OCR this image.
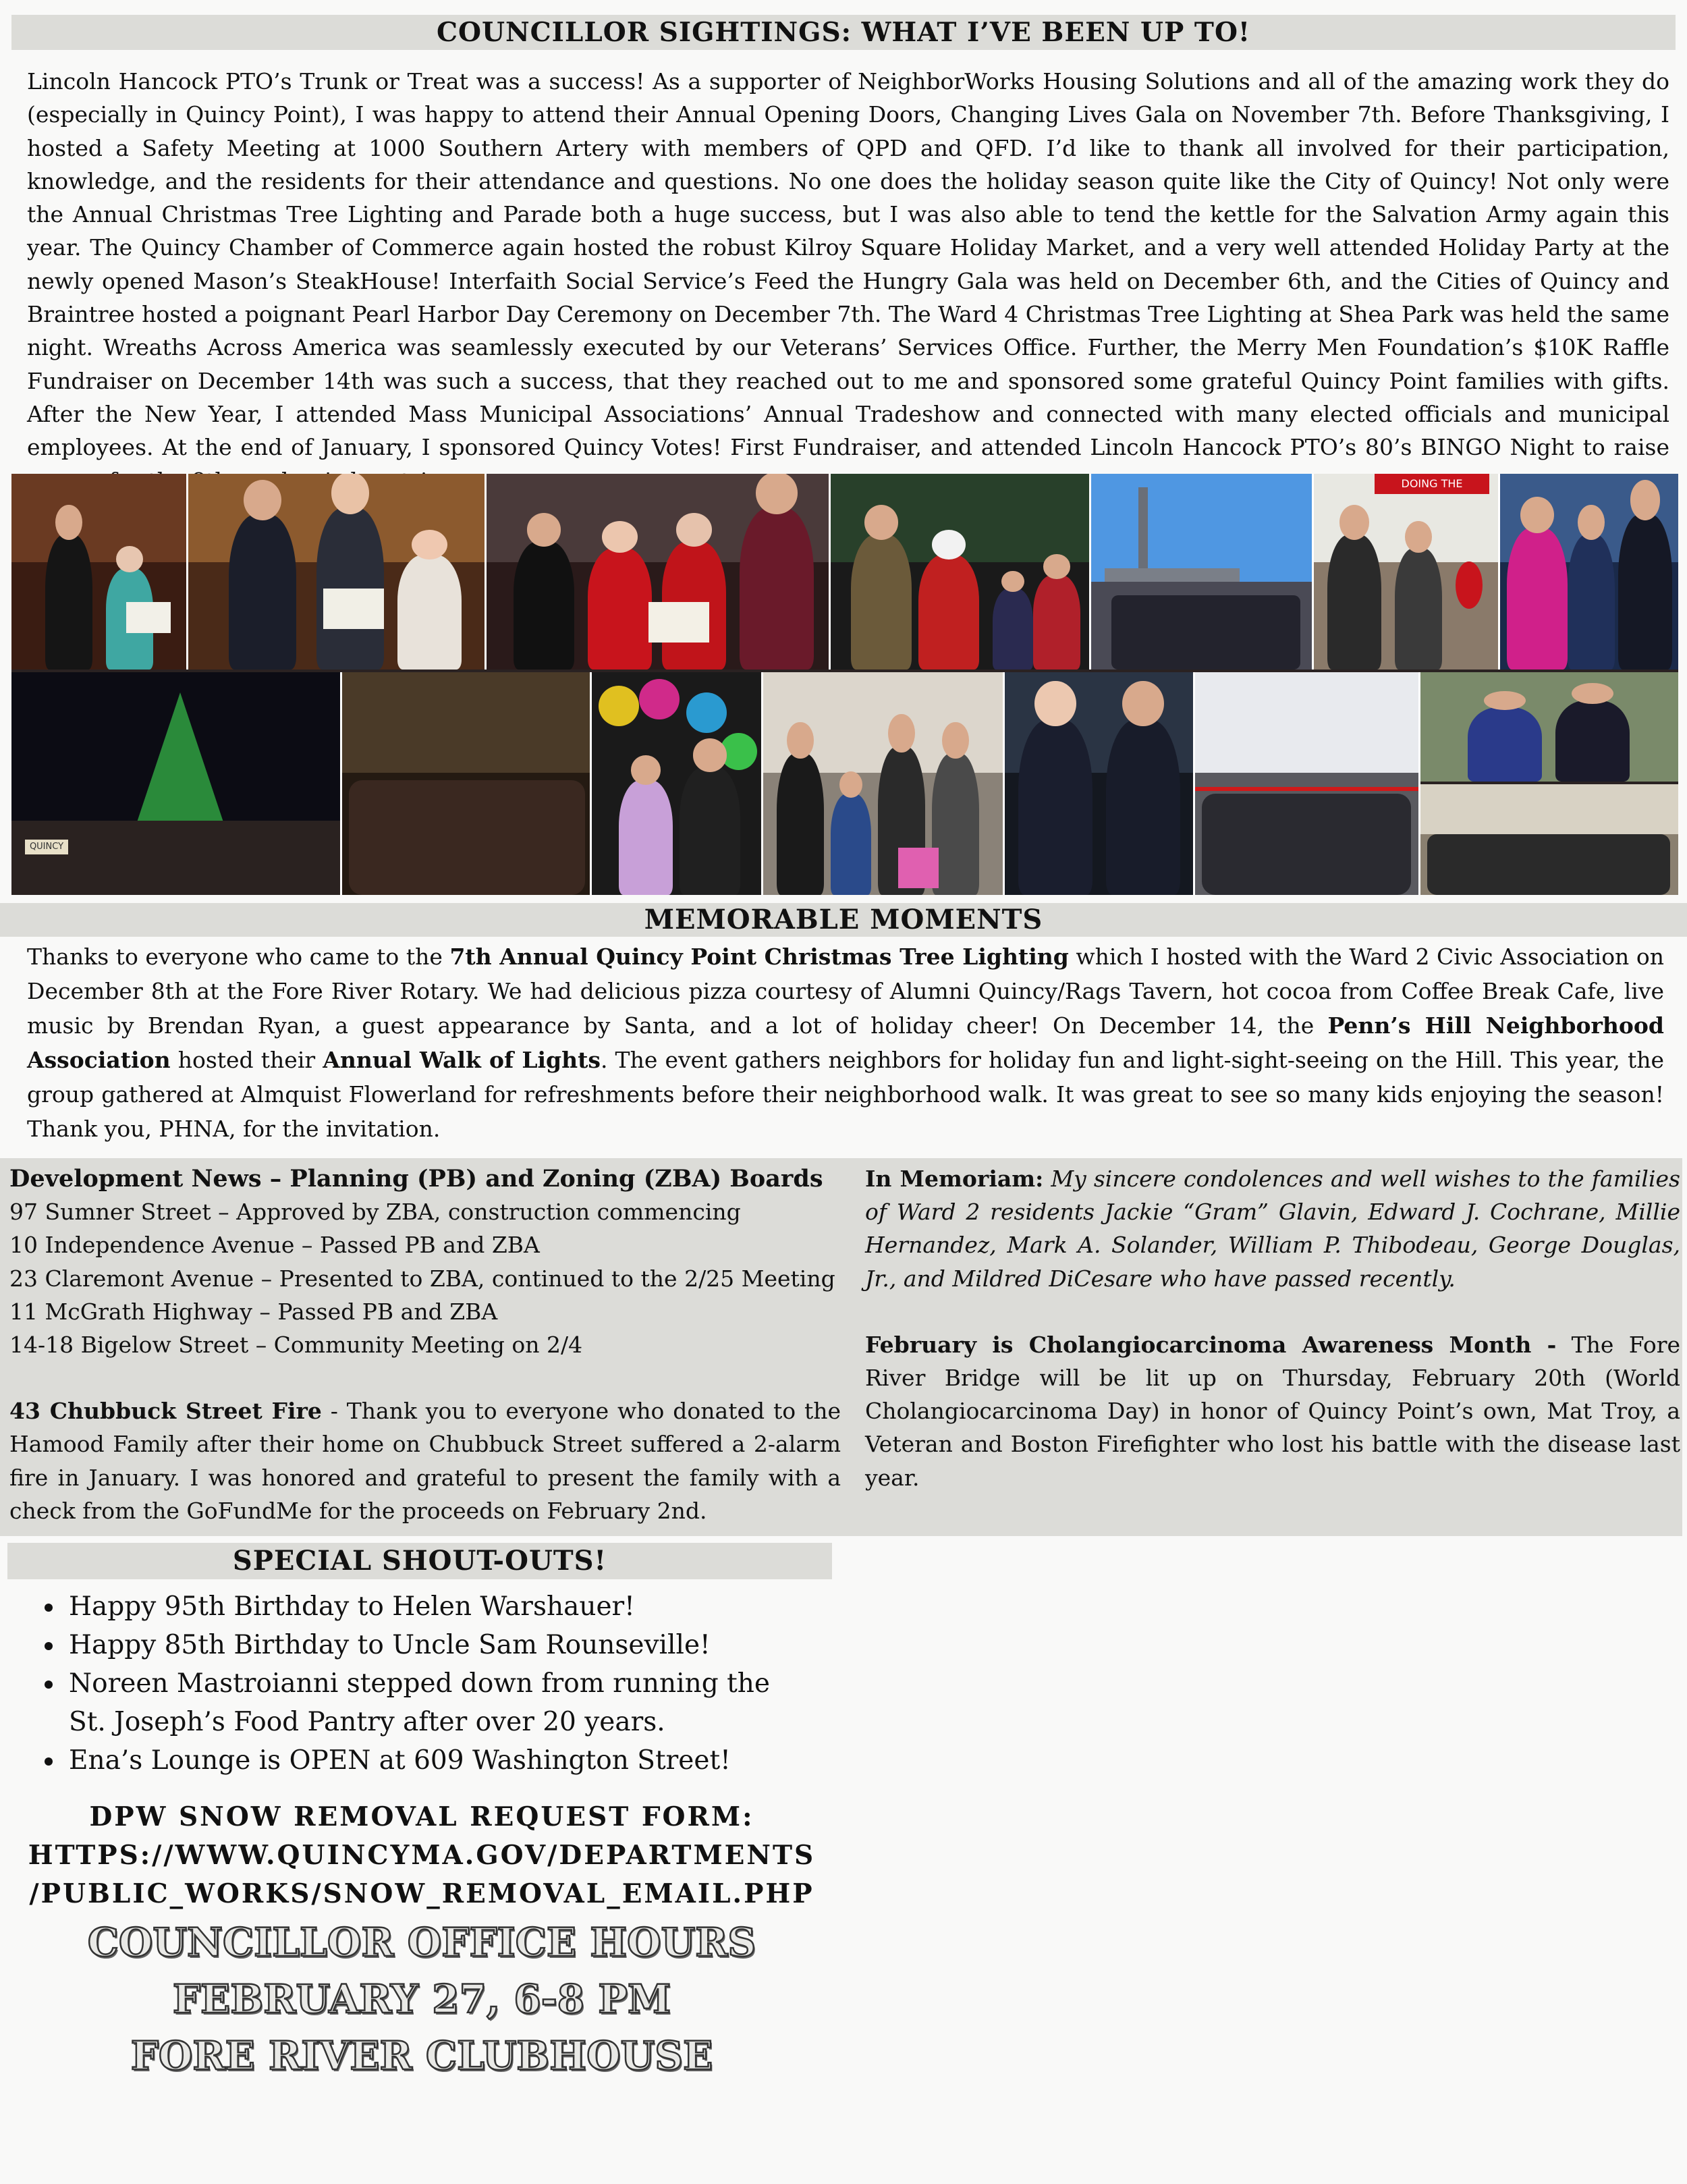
COUNCILLOR SIGHTINGS: WHAT I’VE BEEN UP TO!

Lincoln Hancock PTO’s Trunk or Treat was a success! As a supporter of NeighborWorks Housing Solutions and all of the amazing work they do (especially in Quincy Point), I was happy to attend their Annual Opening Doors, Changing Lives Gala on November 7th. Before Thanksgiving, I hosted a Safety Meeting at 1000 Southern Artery with members of QPD and QFD. I’d like to thank all involved for their participation, knowledge, and the residents for their attendance and questions. No one does the holiday season quite like the City of Quincy! Not only were the Annual Christmas Tree Lighting and Parade both a huge success, but I was also able to tend the kettle for the Salvation Army again this year. The Quincy Chamber of Commerce again hosted the robust Kilroy Square Holiday Market, and a very well attended Holiday Party at the newly opened Mason’s SteakHouse! Interfaith Social Service’s Feed the Hungry Gala was held on December 6th, and the Cities of Quincy and Braintree hosted a poignant Pearl Harbor Day Ceremony on December 7th. The Ward 4 Christmas Tree Lighting at Shea Park was held the same night. Wreaths Across America was seamlessly executed by our Veterans’ Services Office. Further, the Merry Men Foundation’s $10K Raffle Fundraiser on December 14th was such a success, that they reached out to me and sponsored some grateful Quincy Point families with gifts. After the New Year, I attended Mass Municipal Associations’ Annual Tradeshow and connected with many elected officials and municipal employees. At the end of January, I sponsored Quincy Votes! First Fundraiser, and attended Lincoln Hancock PTO’s 80’s BINGO Night to raise

DOING THE
QUINCY
MEMORABLE MOMENTS

Thanks to everyone who came to the 7th Annual Quincy Point Christmas Tree Lighting which I hosted with the Ward 2 Civic Association on December 8th at the Fore River Rotary. We had delicious pizza courtesy of Alumni Quincy/Rags Tavern, hot cocoa from Coffee Break Cafe, live music by Brendan Ryan, a guest appearance by Santa, and a lot of holiday cheer! On December 14, the Penn’s Hill Neighborhood Association hosted their Annual Walk of Lights. The event gathers neighbors for holiday fun and light-sight-seeing on the Hill. This year, the group gathered at Almquist Flowerland for refreshments before their neighborhood walk. It was great to see so many kids enjoying the season! Thank you, PHNA, for the invitation.

Development News – Planning (PB) and Zoning (ZBA) Boards

97 Sumner Street – Approved by ZBA, construction commencing

10 Independence Avenue – Passed PB and ZBA

23 Claremont Avenue – Presented to ZBA, continued to the 2/25 Meeting

11 McGrath Highway – Passed PB and ZBA

14-18 Bigelow Street – Community Meeting on 2/4

43 Chubbuck Street Fire - Thank you to everyone who donated to the Hamood Family after their home on Chubbuck Street suffered a 2-alarm fire in January. I was honored and grateful to present the family with a check from the GoFundMe for the proceeds on February 2nd.

In Memoriam: My sincere condolences and well wishes to the families of Ward 2 residents Jackie “Gram” Glavin, Edward J. Cochrane, Millie Hernandez, Mark A. Solander, William P. Thibodeau, George Douglas, Jr., and Mildred DiCesare who have passed recently.

February is Cholangiocarcinoma Awareness Month - The Fore River Bridge will be lit up on Thursday, February 20th (World Cholangiocarcinoma Day) in honor of Quincy Point’s own, Mat Troy, a Veteran and Boston Firefighter who lost his battle with the disease last year.

SPECIAL SHOUT-OUTS!
• Happy 95th Birthday to Helen Warshauer!
• Happy 85th Birthday to Uncle Sam Rounseville!
• Noreen Mastroianni stepped down from running the St. Joseph’s Food Pantry after over 20 years.
• Ena’s Lounge is OPEN at 609 Washington Street!
DPW SNOW REMOVAL REQUEST FORM:
HTTPS://WWW.QUINCYMA.GOV/DEPARTMENTS
/PUBLIC_WORKS/SNOW_REMOVAL_EMAIL.PHP
COUNCILLOR OFFICE HOURS
FEBRUARY 27, 6-8 PM
FORE RIVER CLUBHOUSE
